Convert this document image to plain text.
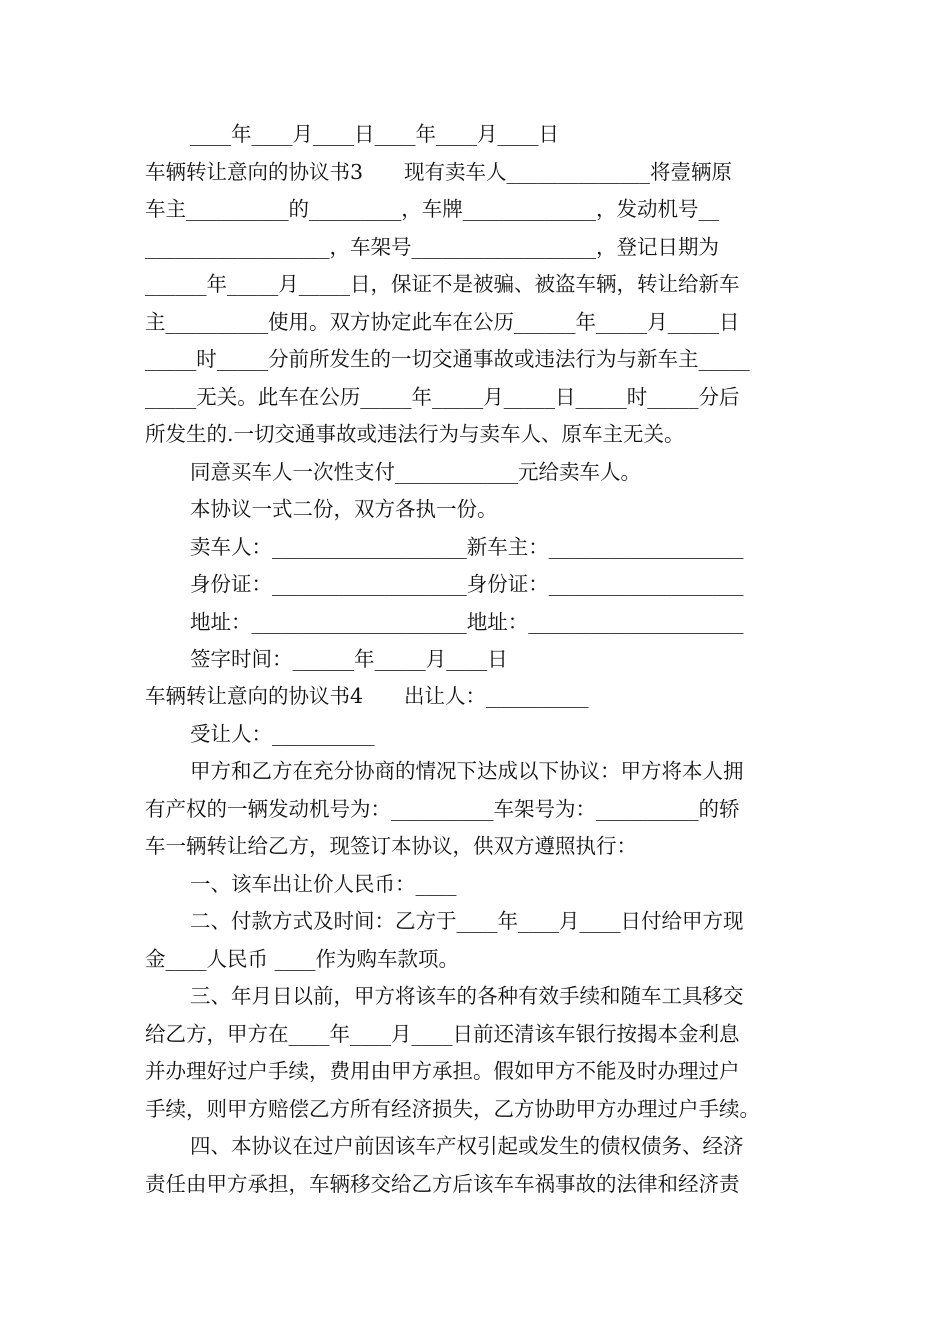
____年____月____日____年____月____日
车辆转让意向的协议书3　　现有卖车人______________将壹辆原
车主__________的_________，车牌_____________，发动机号__
__________________，车架号__________________，登记日期为
______年_____月_____日，保证不是被骗、被盗车辆，转让给新车
主__________使用。双方协定此车在公历______年_____月_____日
_____时_____分前所发生的一切交通事故或违法行为与新车主_____
_____无关。此车在公历_____年_____月_____日_____时_____分后
所发生的.一切交通事故或违法行为与卖车人、原车主无关。
同意买车人一次性支付____________元给卖车人。
本协议一式二份，双方各执一份。
卖车人：___________________新车主：___________________
身份证：___________________身份证：___________________
地址：_____________________地址：_____________________
签字时间：______年_____月____日
车辆转让意向的协议书4　　出让人：__________
受让人：__________
甲方和乙方在充分协商的情况下达成以下协议：甲方将本人拥
有产权的一辆发动机号为：__________车架号为：__________的轿
车一辆转让给乙方，现签订本协议，供双方遵照执行：
一、该车出让价人民币：____
二、付款方式及时间：乙方于____年____月____日付给甲方现
金____人民币 ____作为购车款项。
三、年月日以前，甲方将该车的各种有效手续和随车工具移交
给乙方，甲方在____年____月____日前还清该车银行按揭本金利息
并办理好过户手续，费用由甲方承担。假如甲方不能及时办理过户
手续，则甲方赔偿乙方所有经济损失，乙方协助甲方办理过户手续。
四、本协议在过户前因该车产权引起或发生的债权债务、经济
责任由甲方承担，车辆移交给乙方后该车车祸事故的法律和经济责
